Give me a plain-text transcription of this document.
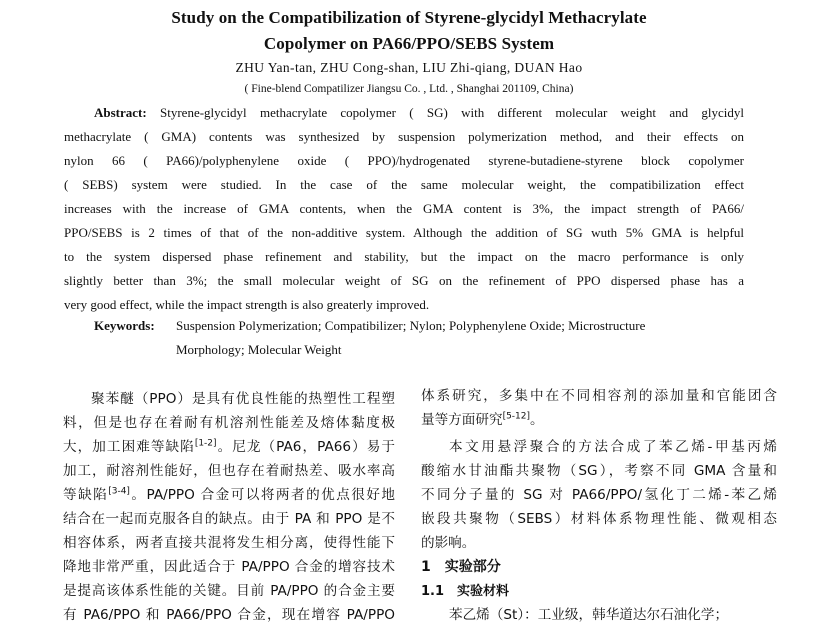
Study on the Compatibilization of Styrene-glycidyl Methacrylate
Copolymer on PA66/PPO/SEBS System
ZHU Yan-tan, ZHU Cong-shan, LIU Zhi-qiang, DUAN Hao
( Fine-blend Compatilizer Jiangsu Co. , Ltd. , Shanghai 201109, China)
Abstract: Styrene-glycidyl methacrylate copolymer ( SG) with different molecular weight and glycidyl
methacrylate ( GMA) contents was synthesized by suspension polymerization method, and their effects on
nylon 66 ( PA66)/polyphenylene oxide ( PPO)/hydrogenated styrene-butadiene-styrene block copolymer
( SEBS) system were studied. In the case of the same molecular weight, the compatibilization effect
increases with the increase of GMA contents, when the GMA content is 3%, the impact strength of PA66/
PPO/SEBS is 2 times of that of the non-additive system. Although the addition of SG wuth 5% GMA is helpful
to the system dispersed phase refinement and stability, but the impact on the macro performance is only
slightly better than 3%; the small molecular weight of SG on the refinement of PPO dispersed phase has a
very good effect, while the impact strength is also greaterly improved.
Keywords: Suspension Polymerization; Compatibilizer; Nylon; Polyphenylene Oxide; Microstructure
Morphology; Molecular Weight
聚苯醚（PPO）是具有优良性能的热塑性工程塑
料，但是也存在着耐有机溶剂性能差及熔体黏度极
大，加工困难等缺陷[1-2]。尼龙（PA6，PA66）易于
加工，耐溶剂性能好，但也存在着耐热差、吸水率高
等缺陷[3-4]。PA/PPO 合金可以将两者的优点很好地
结合在一起而克服各自的缺点。由于 PA 和 PPO 是不
相容体系，两者直接共混将发生相分离，使得性能下
降地非常严重，因此适合于 PA/PPO 合金的增容技术
是提高该体系性能的关键。目前 PA/PPO 的合金主要
有 PA6/PPO 和 PA66/PPO 合金，现在增容 PA/PPO
体系研究，多集中在不同相容剂的添加量和官能团含
量等方面研究[5-12]。
本文用悬浮聚合的方法合成了苯乙烯-甲基丙烯
酸缩水甘油酯共聚物（SG），考察不同 GMA 含量和
不同分子量的 SG 对 PA66/PPO/氢化丁二烯-苯乙烯
嵌段共聚物（SEBS）材料体系物理性能、微观相态
的影响。
1　实验部分
1.1　实验材料
苯乙烯（St）：工业级，韩华道达尔石油化学；
